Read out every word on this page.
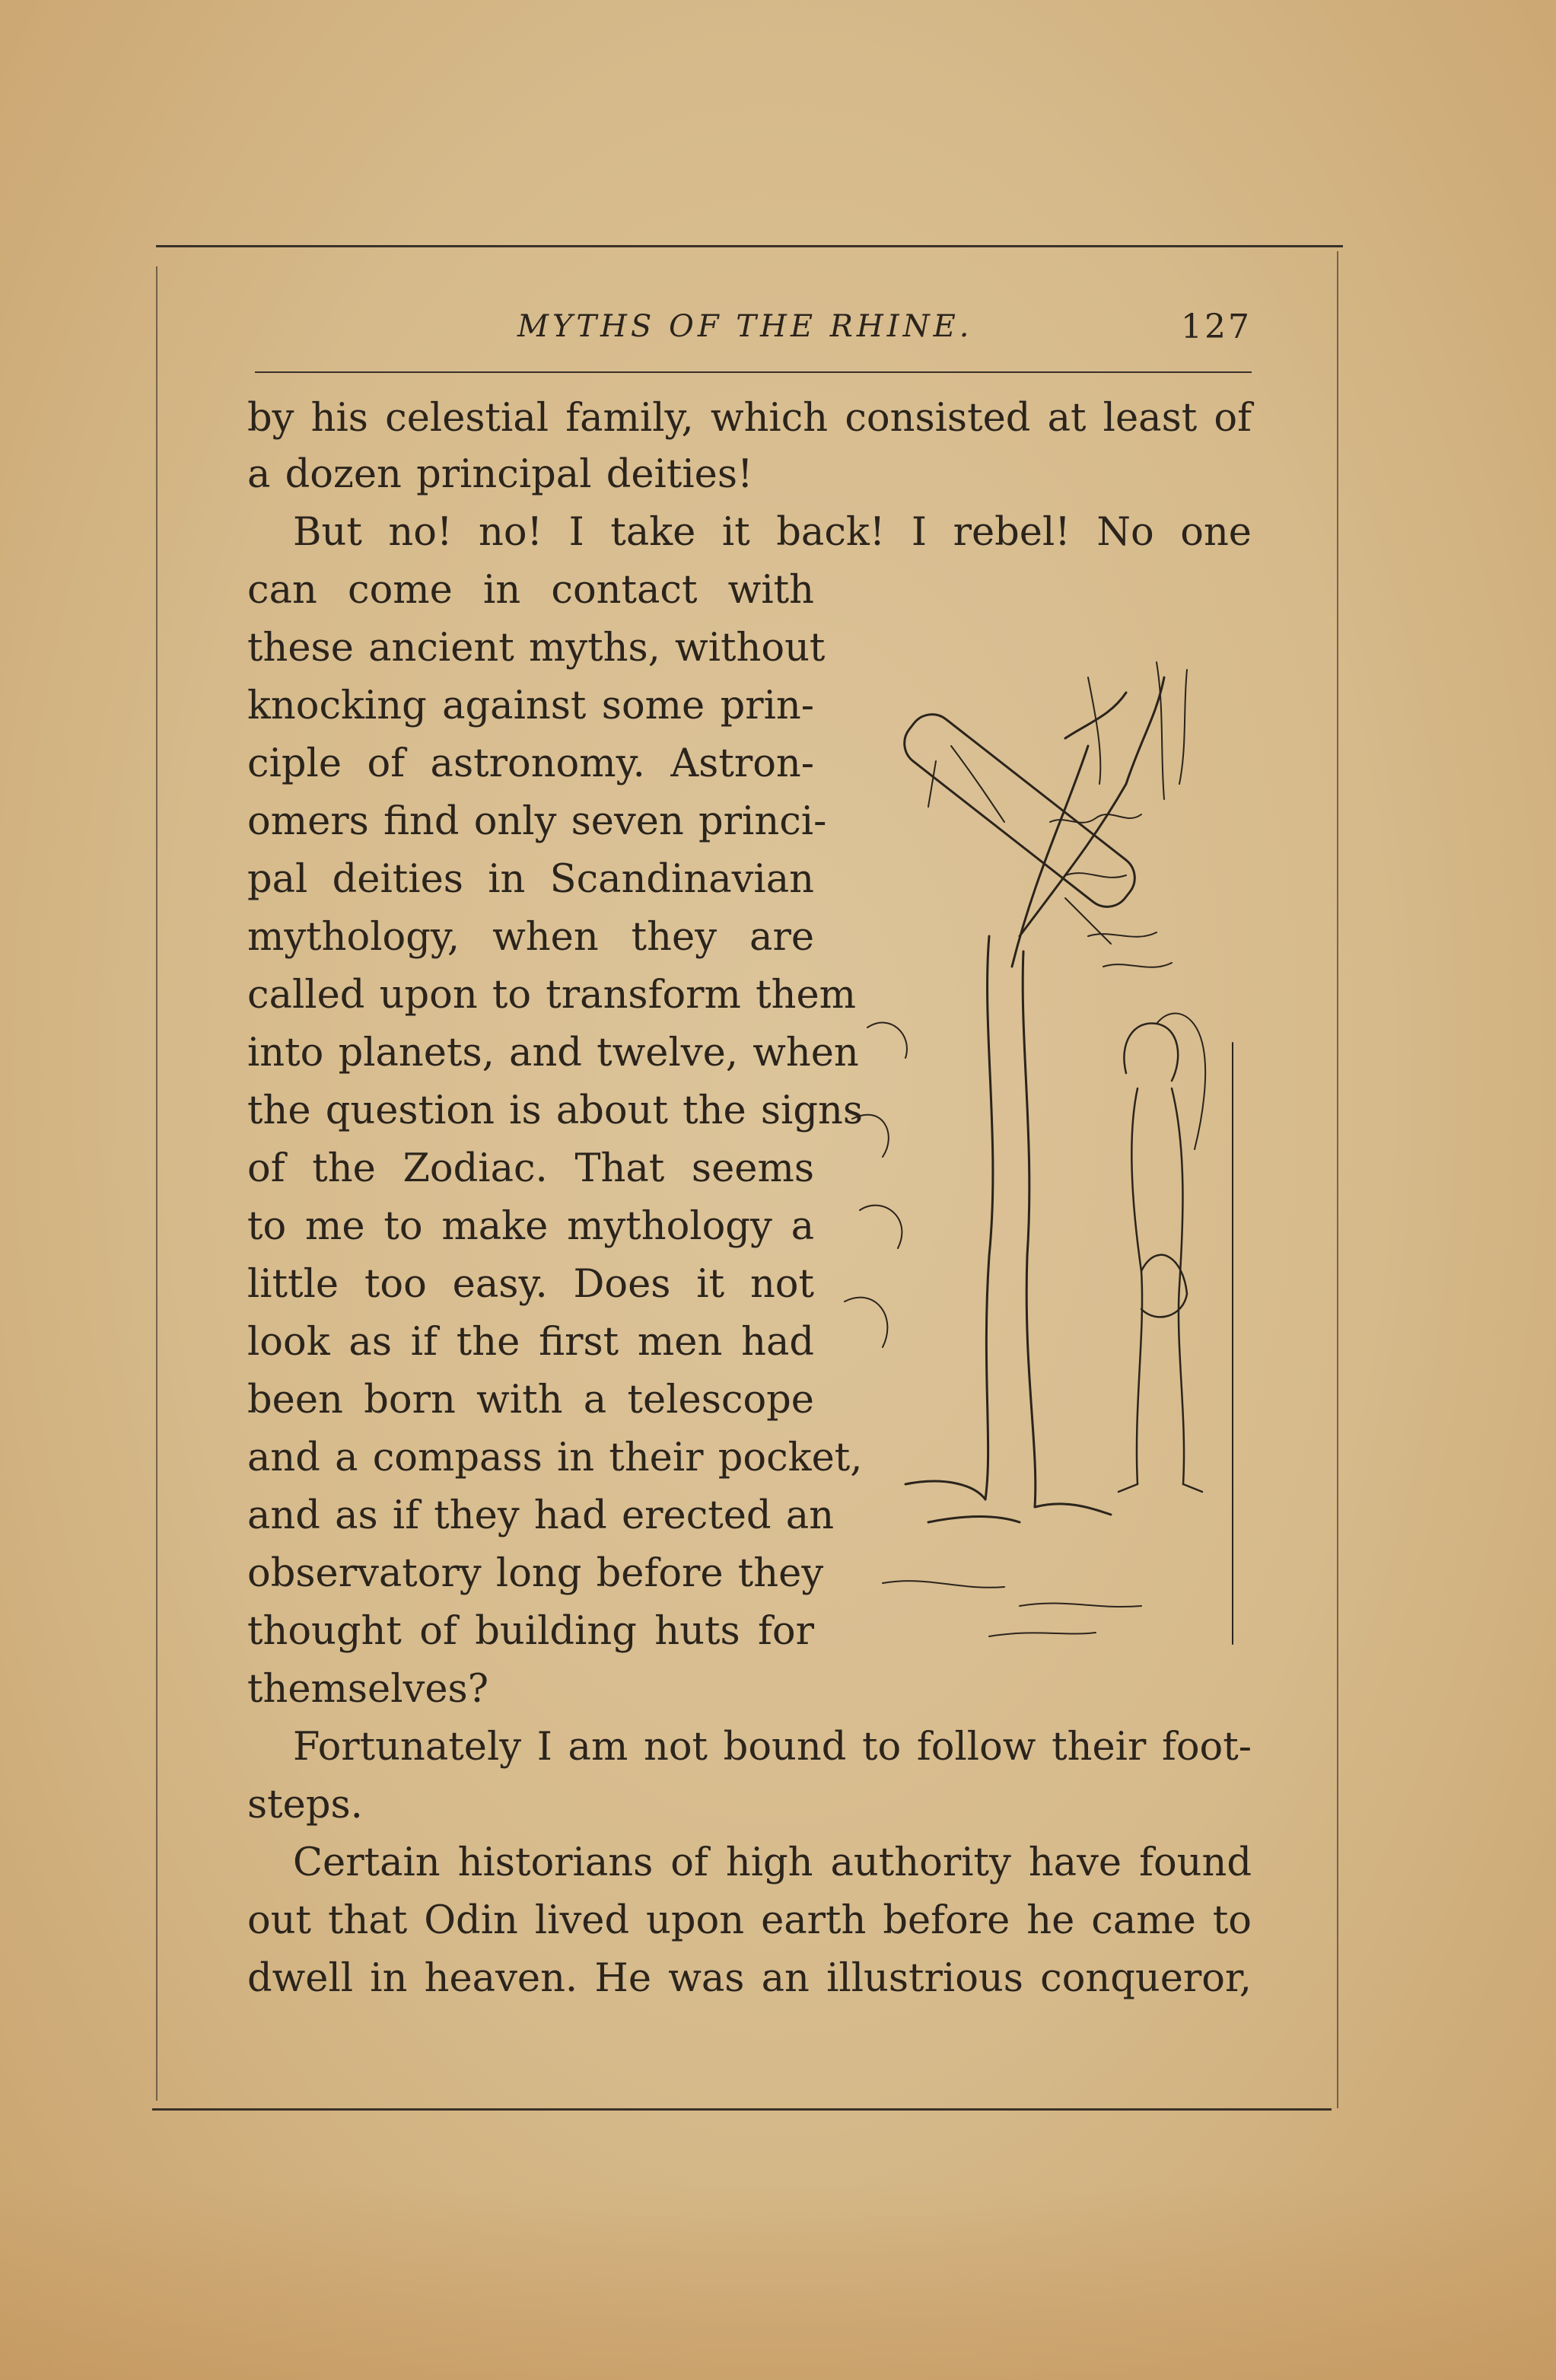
MYTHS OF THE RHINE.	127
by his celestial family, which consisted at least of
a dozen principal deities!
But no! no! I take it back! I rebel! No one
can come in contact with
these ancient myths, without
knocking against some prin-
ciple of astronomy. Astron-
omers find only seven princi-
pal deities in Scandinavian
mythology, when they are
called upon to transform them
into planets, and twelve, when
the question is about the signs
of the Zodiac. That seems
to me to make mythology a
little too easy. Does it not
look as if the first men had
been born with a telescope
and a compass in their pocket,
and as if they had erected an
observatory long before they
thought of building huts for
themselves?
Fortunately I am not bound to follow their foot-
steps.
Certain historians of high authority have found
out that Odin lived upon earth before he came to
dwell in heaven. He was an illustrious conqueror,
